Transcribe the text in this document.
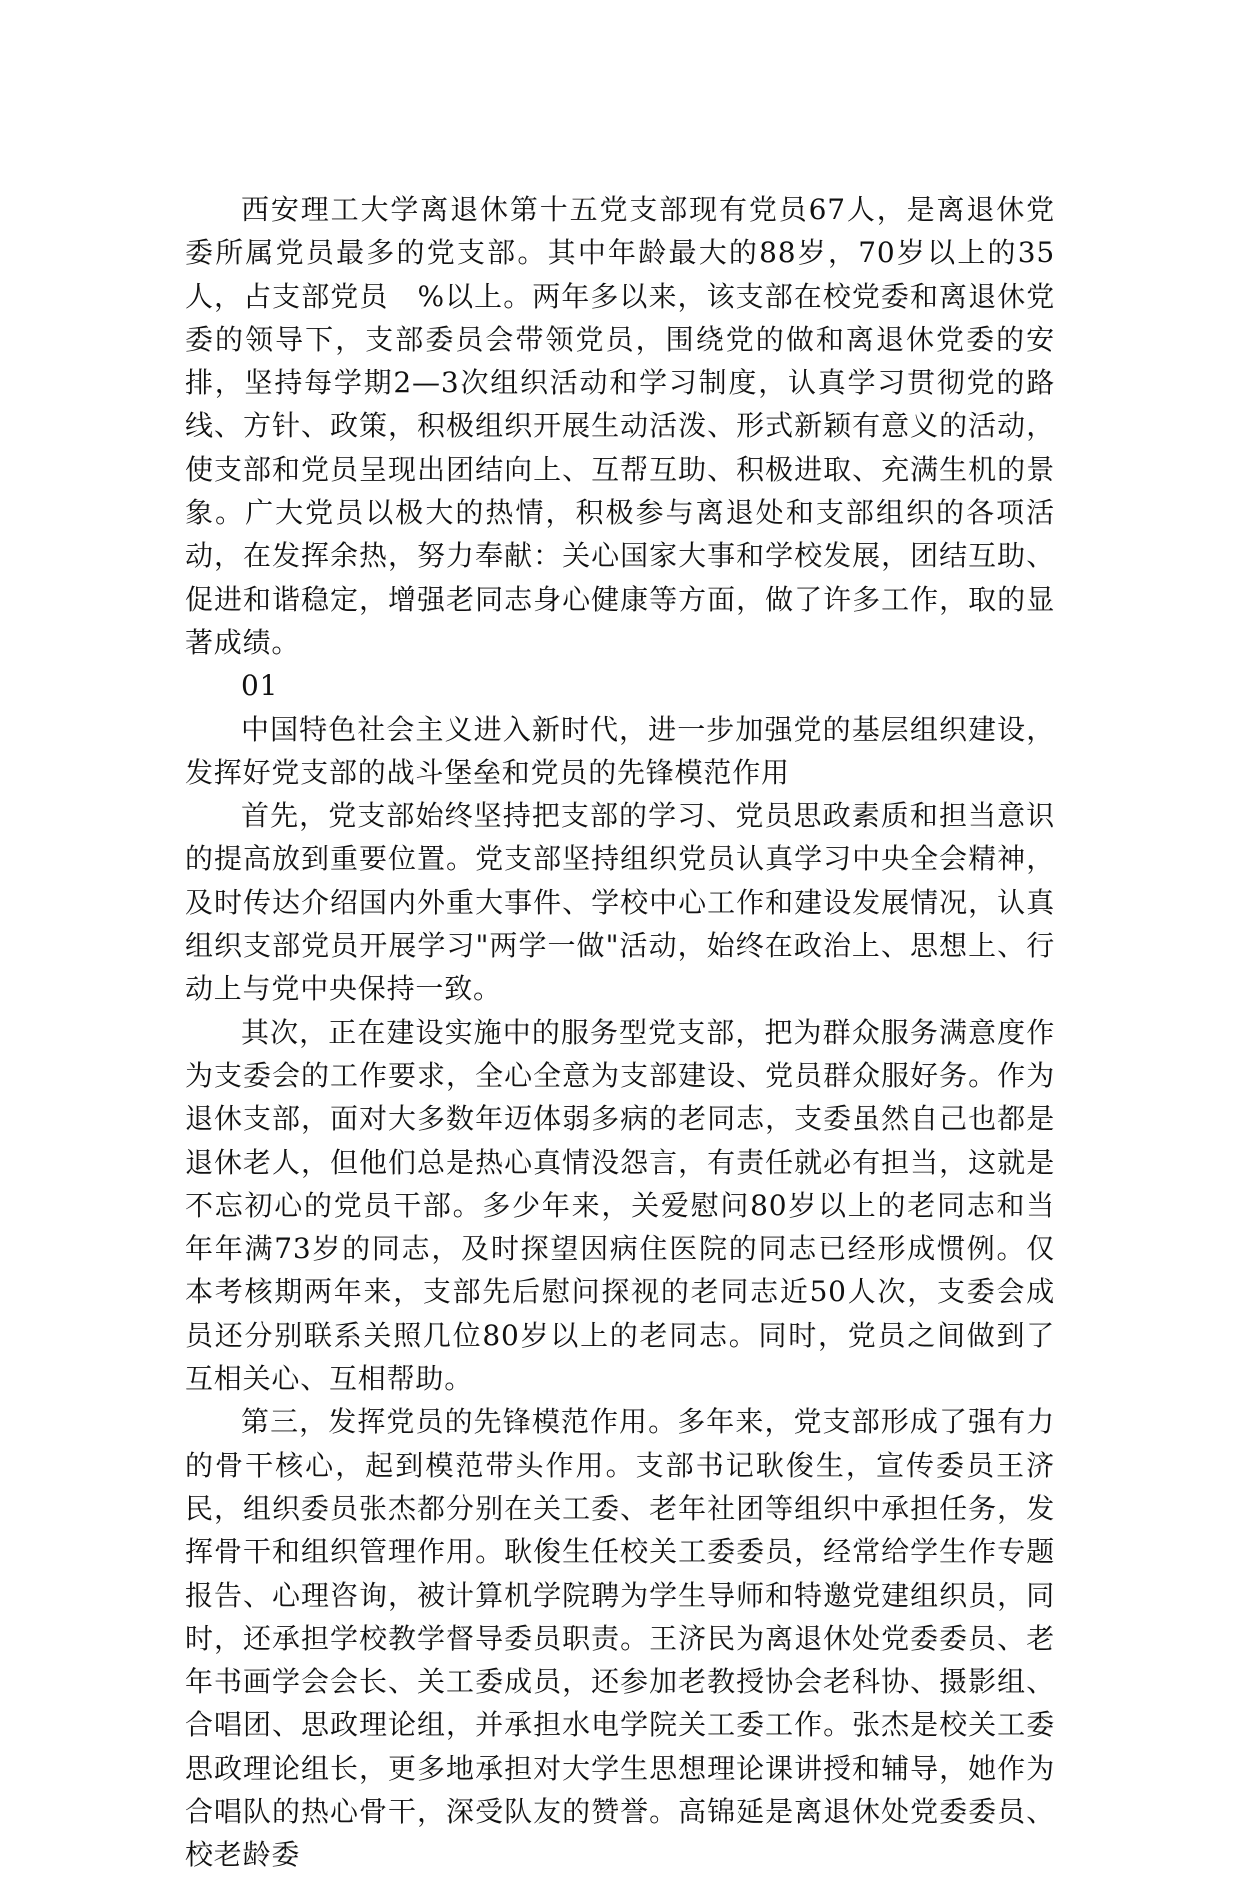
西安理工大学离退休第十五党支部现有党员67人，是离退休党委所属党员最多的党支部。其中年龄最大的88岁，70岁以上的35人，占支部党员　%以上。两年多以来，该支部在校党委和离退休党委的领导下，支部委员会带领党员，围绕党的做和离退休党委的安排，坚持每学期2—3次组织活动和学习制度，认真学习贯彻党的路线、方针、政策，积极组织开展生动活泼、形式新颖有意义的活动，使支部和党员呈现出团结向上、互帮互助、积极进取、充满生机的景象。广大党员以极大的热情，积极参与离退处和支部组织的各项活动，在发挥余热，努力奉献：关心国家大事和学校发展，团结互助、促进和谐稳定，增强老同志身心健康等方面，做了许多工作，取的显著成绩。

01

中国特色社会主义进入新时代，进一步加强党的基层组织建设，发挥好党支部的战斗堡垒和党员的先锋模范作用

首先，党支部始终坚持把支部的学习、党员思政素质和担当意识的提高放到重要位置。党支部坚持组织党员认真学习中央全会精神，及时传达介绍国内外重大事件、学校中心工作和建设发展情况，认真组织支部党员开展学习"两学一做"活动，始终在政治上、思想上、行动上与党中央保持一致。

其次，正在建设实施中的服务型党支部，把为群众服务满意度作为支委会的工作要求，全心全意为支部建设、党员群众服好务。作为退休支部，面对大多数年迈体弱多病的老同志，支委虽然自己也都是退休老人，但他们总是热心真情没怨言，有责任就必有担当，这就是不忘初心的党员干部。多少年来，关爱慰问80岁以上的老同志和当年年满73岁的同志，及时探望因病住医院的同志已经形成惯例。仅本考核期两年来，支部先后慰问探视的老同志近50人次，支委会成员还分别联系关照几位80岁以上的老同志。同时，党员之间做到了互相关心、互相帮助。

第三，发挥党员的先锋模范作用。多年来，党支部形成了强有力的骨干核心，起到模范带头作用。支部书记耿俊生，宣传委员王济民，组织委员张杰都分别在关工委、老年社团等组织中承担任务，发挥骨干和组织管理作用。耿俊生任校关工委委员，经常给学生作专题报告、心理咨询，被计算机学院聘为学生导师和特邀党建组织员，同时，还承担学校教学督导委员职责。王济民为离退休处党委委员、老年书画学会会长、关工委成员，还参加老教授协会老科协、摄影组、合唱团、思政理论组，并承担水电学院关工委工作。张杰是校关工委思政理论组长，更多地承担对大学生思想理论课讲授和辅导，她作为合唱队的热心骨干，深受队友的赞誉。高锦延是离退休处党委委员、校老龄委
